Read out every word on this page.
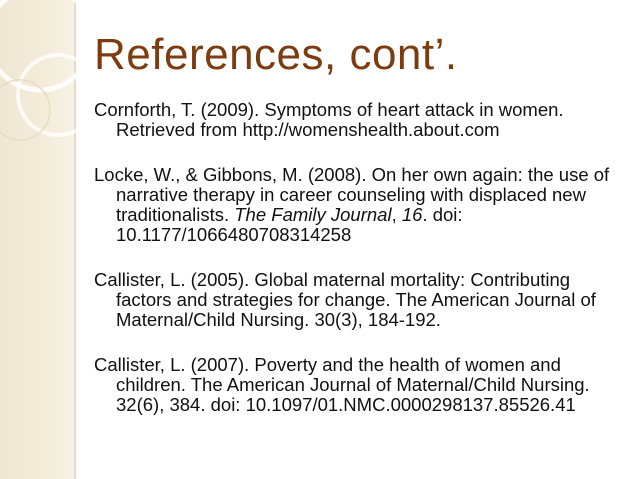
References, cont’.

Cornforth, T. (2009). Symptoms of heart attack in women. Retrieved from http://womenshealth.about.com

Locke, W., & Gibbons, M. (2008). On her own again: the use of narrative therapy in career counseling with displaced new traditionalists. The Family Journal, 16. doi: 10.1177/1066480708314258

Callister, L. (2005). Global maternal mortality: Contributing factors and strategies for change. The American Journal of Maternal/Child Nursing. 30(3), 184-192.

Callister, L. (2007). Poverty and the health of women and children. The American Journal of Maternal/Child Nursing. 32(6), 384. doi: 10.1097/01.NMC.0000298137.85526.41
